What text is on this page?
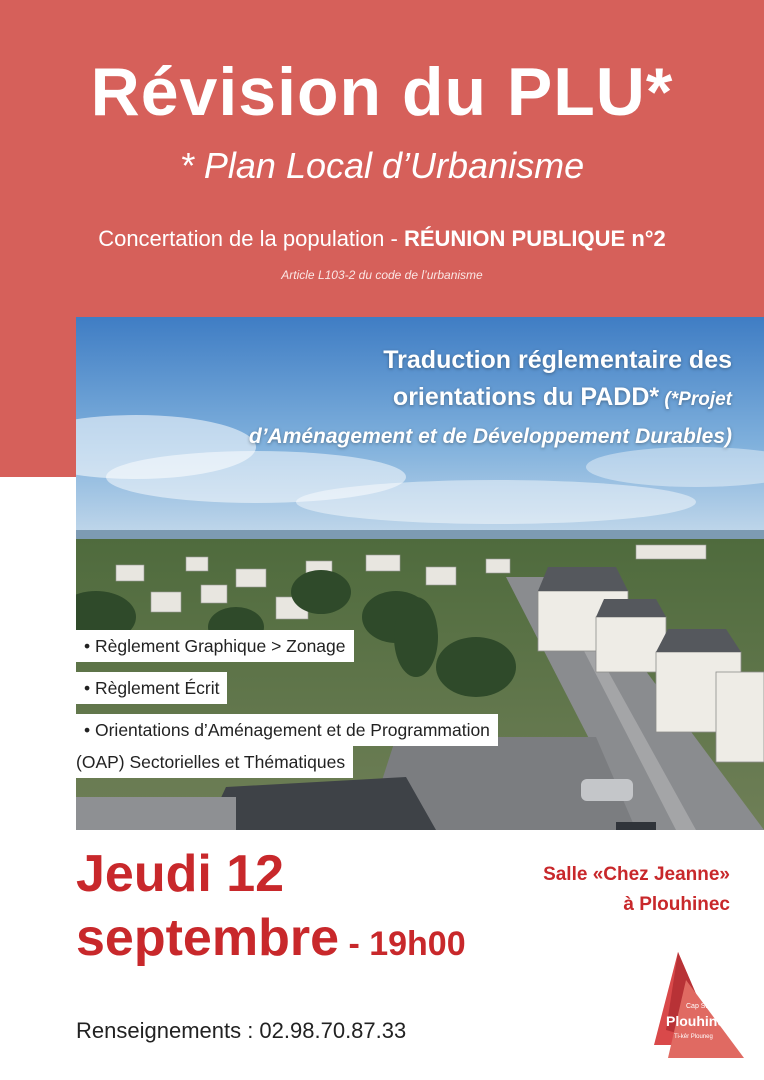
Révision du PLU*
* Plan Local d’Urbanisme
Concertation de la population - RÉUNION PUBLIQUE n°2
Article L103-2 du code de l’urbanisme
Traduction réglementaire des
orientations du PADD* (*Projet
d’Aménagement et de Développement Durables)
• Règlement Graphique > Zonage
• Règlement Écrit
• Orientations d’Aménagement et de Programmation
(OAP) Sectorielles et Thématiques
Jeudi 12
septembre - 19h00
Salle «Chez Jeanne»
à Plouhinec
Renseignements : 02.98.70.87.33
Cap Sizun
Plouhinec
Ti-kêr Plouneg
